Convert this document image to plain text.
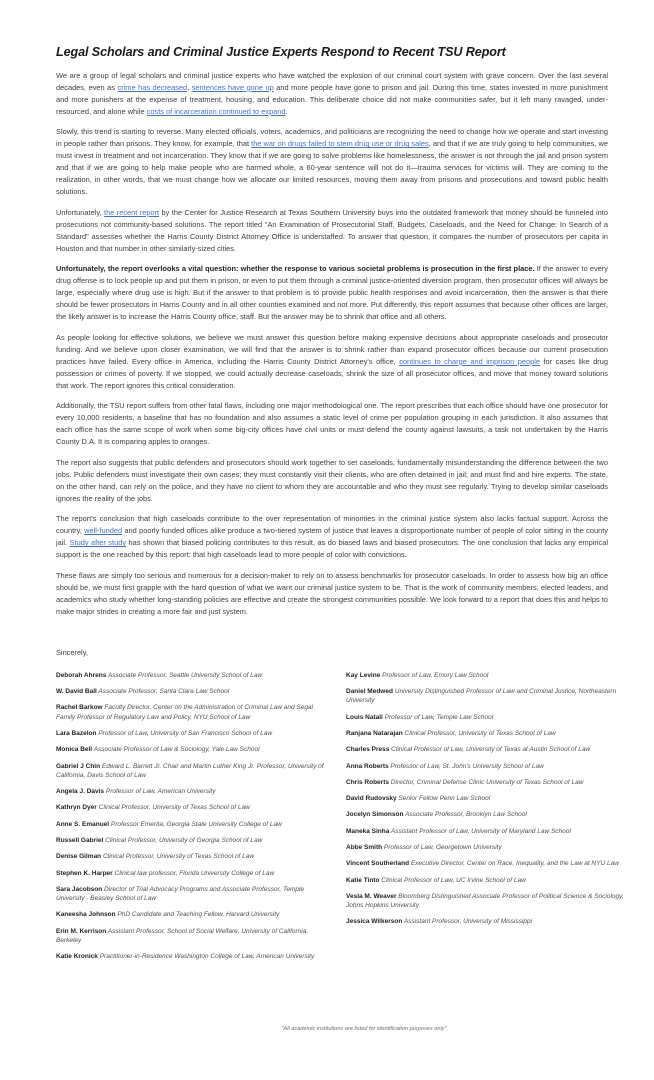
Legal Scholars and Criminal Justice Experts Respond to Recent TSU Report

We are a group of legal scholars and criminal justice experts who have watched the explosion of our criminal court system with grave concern. Over the last several decades, even as crime has decreased, sentences have gone up and more people have gone to prison and jail. During this time, states invested in more punishment and more punishers at the expense of treatment, housing, and education. This deliberate choice did not make communities safer, but it left many ravaged, under-resourced, and alone while costs of incarceration continued to expand.

Slowly, this trend is starting to reverse. Many elected officials, voters, academics, and politicians are recognizing the need to change how we operate and start investing in people rather than prisons. They know, for example, that the war on drugs failed to stem drug use or drug sales, and that if we are truly going to help communities, we must invest in treatment and not incarceration. They know that if we are going to solve problems like homelessness, the answer is not through the jail and prison system and that if we are going to help make people who are harmed whole, a 60-year sentence will not do it—trauma services for victims will. They are coming to the realization, in other words, that we must change how we allocate our limited resources, moving them away from prisons and prosecutions and toward public health solutions.

Unfortunately, the recent report by the Center for Justice Research at Texas Southern University buys into the outdated framework that money should be funneled into prosecutions not community-based solutions. The report titled "An Examination of Prosecutorial Staff, Budgets, Caseloads, and the Need for Change: In Search of a Standard" assesses whether the Harris County District Attorney Office is understaffed. To answer that question, it compares the number of prosecutors per capita in Houston and that number in other similarly-sized cities.

Unfortunately, the report overlooks a vital question: whether the response to various societal problems is prosecution in the first place. If the answer to every drug offense is to lock people up and put them in prison, or even to put them through a criminal justice-oriented diversion program, then prosecutor offices will always be large, especially where drug use is high. But if the answer to that problem is to provide public health responses and avoid incarceration, then the answer is that there should be fewer prosecutors in Harris County and in all other counties examined and not more. Put differently, this report assumes that because other offices are larger, the likely answer is to increase the Harris County office, staff. But the answer may be to shrink that office and all others.

As people looking for effective solutions, we believe we must answer this question before making expensive decisions about appropriate caseloads and prosecutor funding. And we believe upon closer examination, we will find that the answer is to shrink rather than expand prosecutor offices because our current prosecution practices have failed. Every office in America, including the Harris County District Attorney's office, continues to charge and imprison people for cases like drug possession or crimes of poverty. If we stopped, we could actually decrease caseloads, shrink the size of all prosecutor offices, and move that money toward solutions that work. The report ignores this critical consideration.

Additionally, the TSU report suffers from other fatal flaws, including one major methodological one. The report prescribes that each office should have one prosecutor for every 10,000 residents, a baseline that has no foundation and also assumes a static level of crime per population grouping in each jurisdiction. It also assumes that each office has the same scope of work when some big-city offices have civil units or must defend the county against lawsuits, a task not undertaken by the Harris County D.A. It is comparing apples to oranges.

The report also suggests that public defenders and prosecutors should work together to set caseloads, fundamentally misunderstanding the difference between the two jobs. Public defenders must investigate their own cases; they must constantly visit their clients, who are often detained in jail; and must find and hire experts. The state, on the other hand, can rely on the police, and they have no client to whom they are accountable and who they must see regularly. Trying to develop similar caseloads ignores the reality of the jobs.

The report's conclusion that high caseloads contribute to the over representation of minorities in the criminal justice system also lacks factual support. Across the country, well-funded and poorly funded offices alike produce a two-tiered system of justice that leaves a disproportionate number of people of color sitting in the county jail. Study after study has shown that biased policing contributes to this result, as do biased laws and biased prosecutors. The one conclusion that lacks any empirical support is the one reached by this report: that high caseloads lead to more people of color with convictions.

These flaws are simply too serious and numerous for a decision-maker to rely on to assess benchmarks for prosecutor caseloads. In order to assess how big an office should be, we must first grapple with the hard question of what we want our criminal justice system to be. That is the work of community members, elected leaders, and academics who study whether long-standing policies are effective and create the strongest communities possible. We look forward to a report that does this and helps to make major strides in creating a more fair and just system.

Sincerely,
Deborah Ahrens Associate Professor, Seattle University School of Law
W. David Ball Associate Professor, Santa Clara Law School
Rachel Barkow Faculty Director, Center on the Administration of Criminal Law and Segal Family Professor of Regulatory Law and Policy, NYU School of Law
Lara Bazelon Professor of Law, University of San Francisco School of Law
Monica Bell Associate Professor of Law & Sociology, Yale Law School
Gabriel J Chin Edward L. Barrett Jr. Chair and Martin Luther King Jr. Professor, University of California, Davis School of Law
Angela J. Davis Professor of Law, American University
Kathryn Dyer Clinical Professor, University of Texas School of Law
Anne S. Emanuel Professor Emerita, Georgia State University College of Law
Russell Gabriel Clinical Professor, University of Georgia School of Law
Denise Gilman Clinical Professor, University of Texas School of Law
Stephen K. Harper Clinical law professor, Florida University College of Law
Sara Jacobson Director of Trial Advocacy Programs and Associate Professor, Temple University - Beasley School of Law
Kaneesha Johnson PhD Candidate and Teaching Fellow, Harvard University
Erin M. Kerrison Assistant Professor, School of Social Welfare, University of California, Berkeley
Katie Kronick Practitioner-in-Residence Washington College of Law, American University
Kay Levine Professor of Law, Emory Law School
Daniel Medwed University Distinguished Professor of Law and Criminal Justice, Northeastern University
Louis Natali Professor of Law, Temple Law School
Ranjana Natarajan Clinical Professor, University of Texas School of Law
Charles Press Clinical Professor of Law, University of Texas at Austin School of Law
Anna Roberts Professor of Law, St. John's University School of Law
Chris Roberts Director, Criminal Defense Clinic University of Texas School of Law
David Rudovsky Senior Fellow Penn Law School
Jocelyn Simonson Associate Professor, Brooklyn Law School
Maneka Sinha Assistant Professor of Law, University of Maryland Law School
Abbe Smith Professor of Law, Georgetown University
Vincent Southerland Executive Director, Center on Race, Inequality, and the Law at NYU Law
Katie Tinto Clinical Professor of Law, UC Irvine School of Law
Vesla M. Weaver Bloomberg Distinguished Associate Professor of Political Science & Sociology, Johns Hopkins University
Jessica Wilkerson Assistant Professor, University of Mississippi
"All academic institutions are listed for identification purposes only"
